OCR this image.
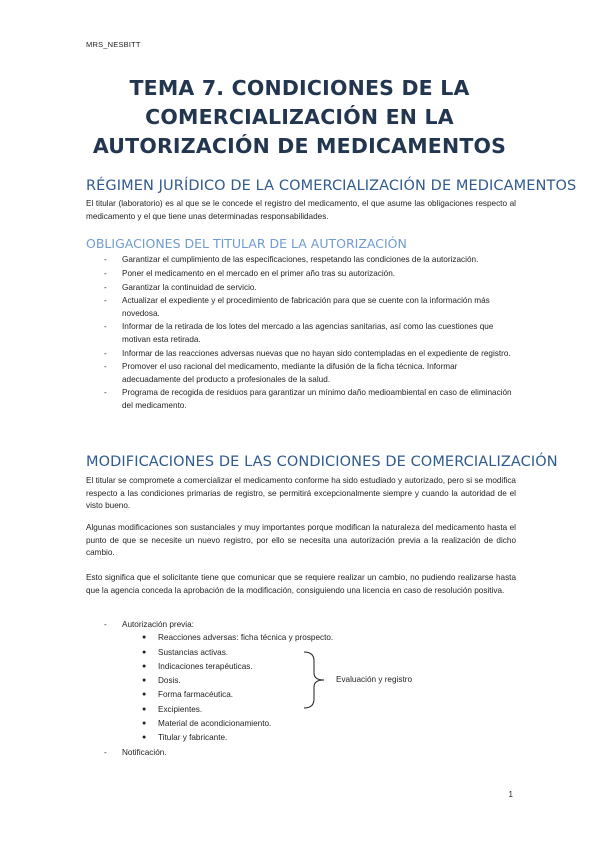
MRS_NESBITT
TEMA 7. CONDICIONES DE LA COMERCIALIZACIÓN EN LA AUTORIZACIÓN DE MEDICAMENTOS
RÉGIMEN JURÍDICO DE LA COMERCIALIZACIÓN DE MEDICAMENTOS
El titular (laboratorio) es al que se le concede el registro del medicamento, el que asume las obligaciones respecto al medicamento y el que tiene unas determinadas responsabilidades.
OBLIGACIONES DEL TITULAR DE LA AUTORIZACIÓN
- Garantizar el cumplimiento de las especificaciones, respetando las condiciones de la autorización.
- Poner el medicamento en el mercado en el primer año tras su autorización.
- Garantizar la continuidad de servicio.
- Actualizar el expediente y el procedimiento de fabricación para que se cuente con la información más novedosa.
- Informar de la retirada de los lotes del mercado a las agencias sanitarias, así como las cuestiones que motivan esta retirada.
- Informar de las reacciones adversas nuevas que no hayan sido contempladas en el expediente de registro.
- Promover el uso racional del medicamento, mediante la difusión de la ficha técnica. Informar adecuadamente del producto a profesionales de la salud.
- Programa de recogida de residuos para garantizar un mínimo daño medioambiental en caso de eliminación del medicamento.
MODIFICACIONES DE LAS CONDICIONES DE COMERCIALIZACIÓN
El titular se compromete a comercializar el medicamento conforme ha sido estudiado y autorizado, pero si se modifica respecto a las condiciones primarias de registro, se permitirá excepcionalmente siempre y cuando la autoridad de el visto bueno.
Algunas modificaciones son sustanciales y muy importantes porque modifican la naturaleza del medicamento hasta el punto de que se necesite un nuevo registro, por ello se necesita una autorización previa a la realización de dicho cambio.
Esto significa que el solicitante tiene que comunicar que se requiere realizar un cambio, no pudiendo realizarse hasta que la agencia conceda la aprobación de la modificación, consiguiendo una licencia en caso de resolución positiva.
- Autorización previa:
● Reacciones adversas: ficha técnica y prospecto.
● Sustancias activas.
● Indicaciones terapéuticas.
● Dosis.
● Forma farmacéutica.
● Excipientes.
● Material de acondicionamiento.
● Titular y fabricante.
- Notificación.
Evaluación y registro
1
